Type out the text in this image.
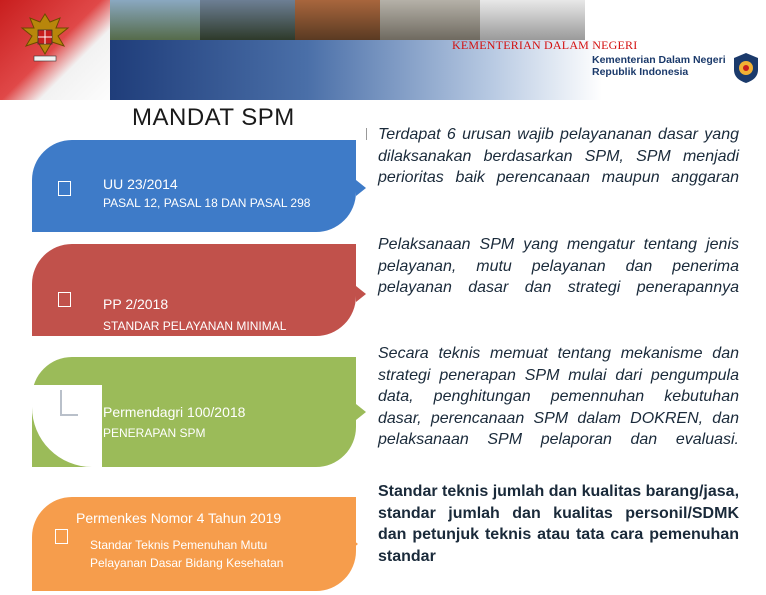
KEMENTERIAN DALAM NEGERI
Kementerian Dalam Negeri Republik Indonesia
MANDAT SPM
UU 23/2014
PASAL 12, PASAL 18 DAN PASAL 298
PP 2/2018
STANDAR PELAYANAN MINIMAL
Permendagri 100/2018
PENERAPAN SPM
Permenkes Nomor 4 Tahun 2019
Standar Teknis Pemenuhan Mutu
Pelayanan Dasar Bidang Kesehatan
Terdapat 6 urusan wajib pelayananan dasar yang dilaksanakan berdasarkan SPM, SPM menjadi perioritas baik perencanaan maupun anggaran
Pelaksanaan SPM yang mengatur tentang jenis pelayanan, mutu pelayanan dan penerima pelayanan dasar dan strategi penerapannya
Secara teknis memuat tentang mekanisme dan strategi penerapan SPM mulai dari pengumpula data, penghitungan pemennuhan kebutuhan dasar, perencanaan SPM dalam DOKREN, dan pelaksanaan SPM pelaporan dan evaluasi.
Standar teknis jumlah dan kualitas barang/jasa, standar jumlah dan kualitas personil/SDMK dan petunjuk teknis atau tata cara pemenuhan standar
